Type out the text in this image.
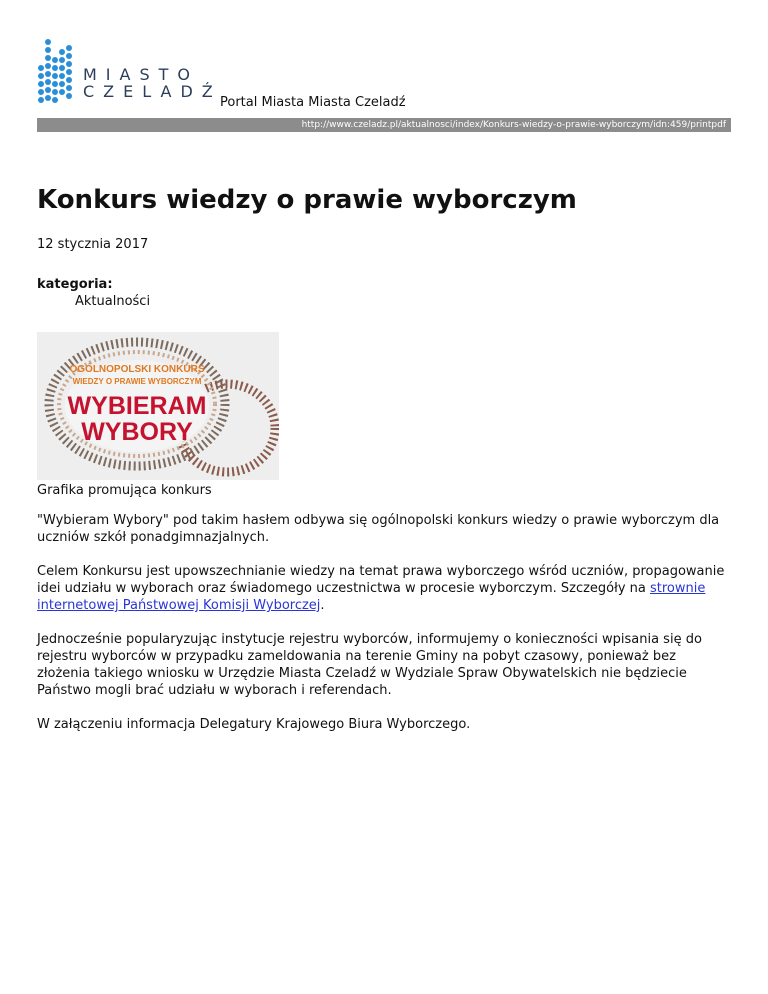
MIASTO
CZELADŹ
Portal Miasta Miasta Czeladź
http://www.czeladz.pl/aktualnosci/index/Konkurs-wiedzy-o-prawie-wyborczym/idn:459/printpdf
Konkurs wiedzy o prawie wyborczym
12 stycznia 2017
kategoria:
Aktualności
OGÓLNOPOLSKI KONKURS
WIEDZY O PRAWIE WYBORCZYM
WYBIERAM
WYBORY
Grafika promująca konkurs

"Wybieram Wybory" pod takim hasłem odbywa się ogólnopolski konkurs wiedzy o prawie wyborczym dla uczniów szkół ponadgimnazjalnych.

Celem Konkursu jest upowszechnianie wiedzy na temat prawa wyborczego wśród uczniów, propagowanie idei udziału w wyborach oraz świadomego uczestnictwa w procesie wyborczym. Szczegóły na strownie internetowej Państwowej Komisji Wyborczej.

Jednocześnie popularyzując instytucje rejestru wyborców, informujemy o konieczności wpisania się do rejestru wyborców w przypadku zameldowania na terenie Gminy na pobyt czasowy, ponieważ bez złożenia takiego wniosku w Urzędzie Miasta Czeladź w Wydziale Spraw Obywatelskich nie będziecie Państwo mogli brać udziału w wyborach i referendach.

W załączeniu informacja Delegatury Krajowego Biura Wyborczego.
